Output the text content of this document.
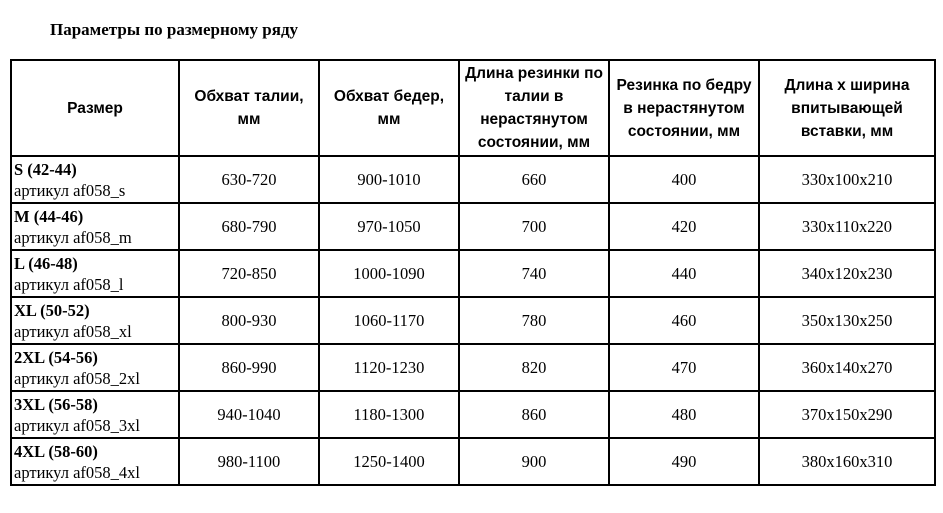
Параметры по размерному ряду
Размер	Обхват талии, мм	Обхват бедер, мм	Длина резинки по талии в нерастянутом состоянии, мм	Резинка по бедру в нерастянутом состоянии, мм	Длина х ширина впитывающей вставки, мм

S (42-44)
артикул af058_s	630-720	900-1010	660	400	330x100x210

M (44-46)
артикул af058_m	680-790	970-1050	700	420	330x110x220

L (46-48)
артикул af058_l	720-850	1000-1090	740	440	340x120x230

XL (50-52)
артикул af058_xl	800-930	1060-1170	780	460	350x130x250

2XL (54-56)
артикул af058_2xl	860-990	1120-1230	820	470	360x140x270

3XL (56-58)
артикул af058_3xl	940-1040	1180-1300	860	480	370x150x290

4XL (58-60)
артикул af058_4xl	980-1100	1250-1400	900	490	380x160x310
